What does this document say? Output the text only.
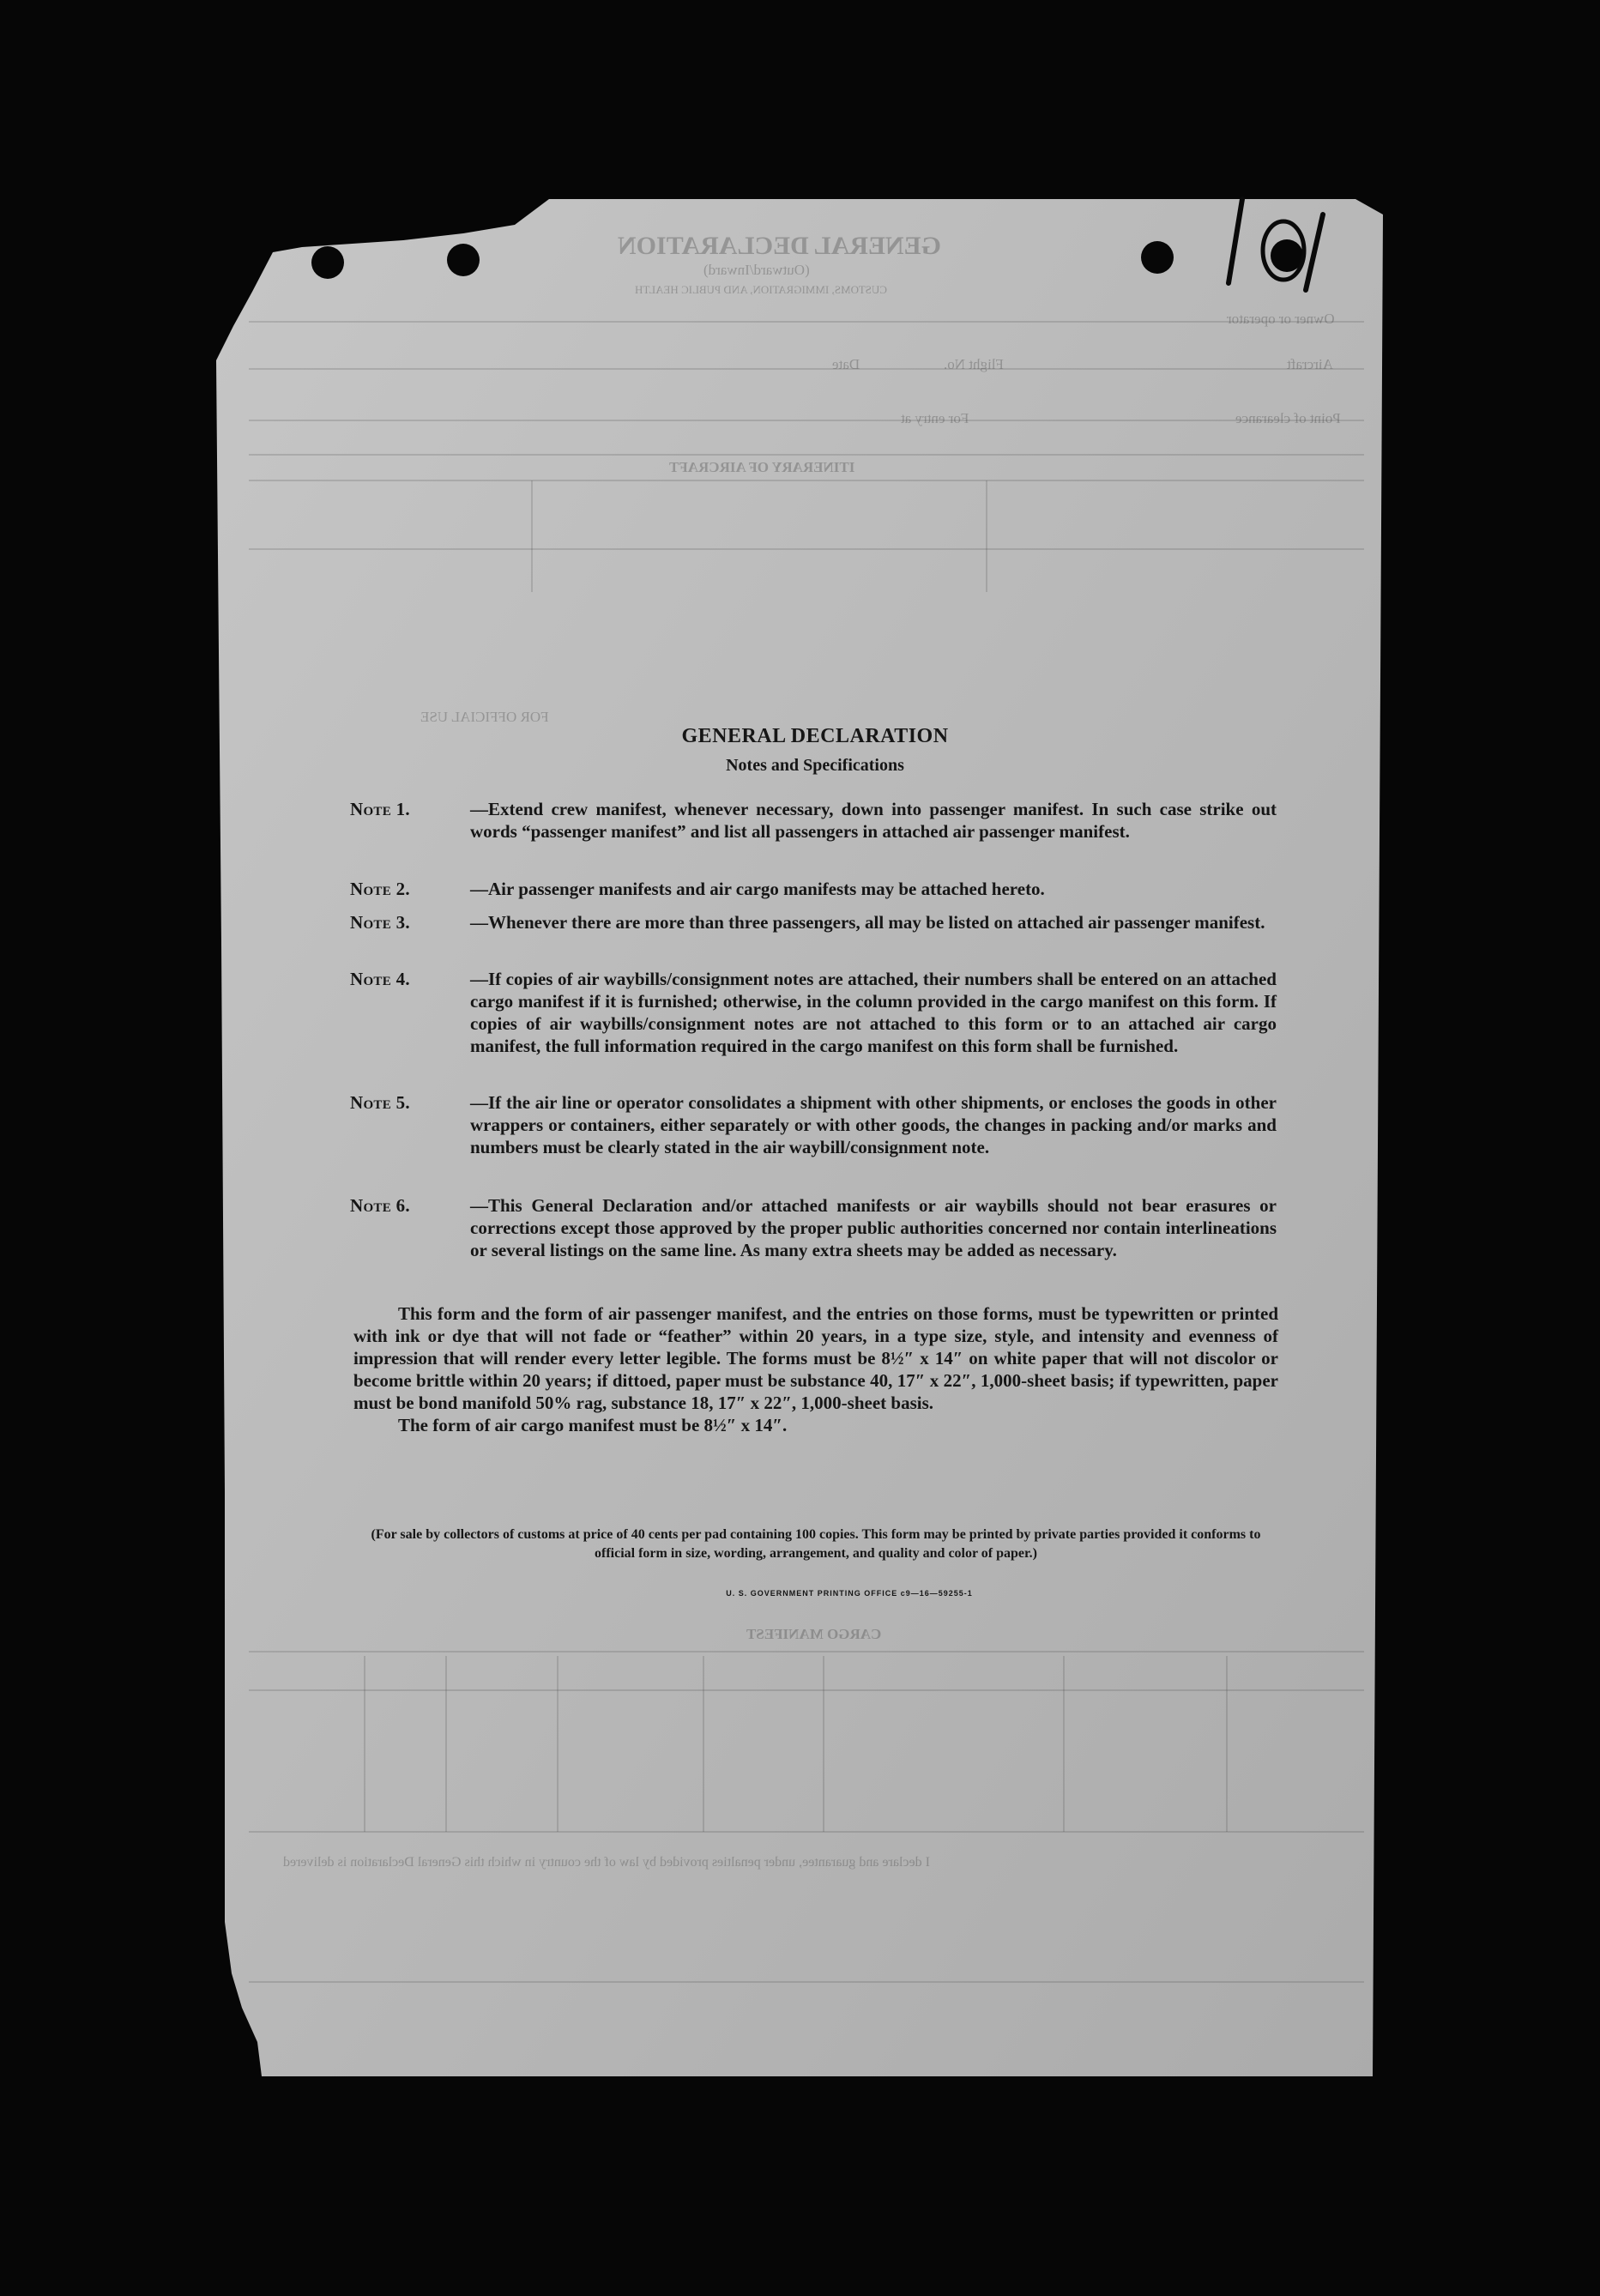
GENERAL DECLARATION
(Outward/Inward)
CUSTOMS, IMMIGRATION, AND PUBLIC HEALTH
Owner or operator
Aircraft
Flight No.
Date
Point of clearance
For entry at
ITINERARY OF AIRCRAFT
FOR OFFICIAL USE
CARGO MANIFEST
I declare and guarantee, under penalties provided by law of the country in which this General Declaration is delivered
GENERAL DECLARATION
Notes and Specifications
Note 1.	—Extend crew manifest, whenever necessary, down into passenger manifest. In such case strike out words “passenger manifest” and list all passengers in attached air passenger manifest.
Note 2.	—Air passenger manifests and air cargo manifests may be attached hereto.
Note 3.	—Whenever there are more than three passengers, all may be listed on attached air passenger manifest.
Note 4.	—If copies of air waybills/consignment notes are attached, their numbers shall be entered on an attached cargo manifest if it is furnished; otherwise, in the column provided in the cargo manifest on this form. If copies of air waybills/consignment notes are not attached to this form or to an attached air cargo manifest, the full information required in the cargo manifest on this form shall be furnished.
Note 5.	—If the air line or operator consolidates a shipment with other shipments, or encloses the goods in other wrappers or containers, either separately or with other goods, the changes in packing and/or marks and numbers must be clearly stated in the air waybill/consignment note.
Note 6.	—This General Declaration and/or attached manifests or air waybills should not bear erasures or corrections except those approved by the proper public authorities concerned nor contain interlineations or several listings on the same line. As many extra sheets may be added as necessary.

This form and the form of air passenger manifest, and the entries on those forms, must be typewritten or printed with ink or dye that will not fade or “feather” within 20 years, in a type size, style, and intensity and evenness of impression that will render every letter legible. The forms must be 8½″ x 14″ on white paper that will not discolor or become brittle within 20 years; if dittoed, paper must be substance 40, 17″ x 22″, 1,000-sheet basis; if typewritten, paper must be bond manifold 50% rag, substance 18, 17″ x 22″, 1,000-sheet basis.

The form of air cargo manifest must be 8½″ x 14″.

(For sale by collectors of customs at price of 40 cents per pad containing 100 copies. This form may be printed by private parties provided it conforms to official form in size, wording, arrangement, and quality and color of paper.)
U. S. GOVERNMENT PRINTING OFFICE c9—16—59255-1
